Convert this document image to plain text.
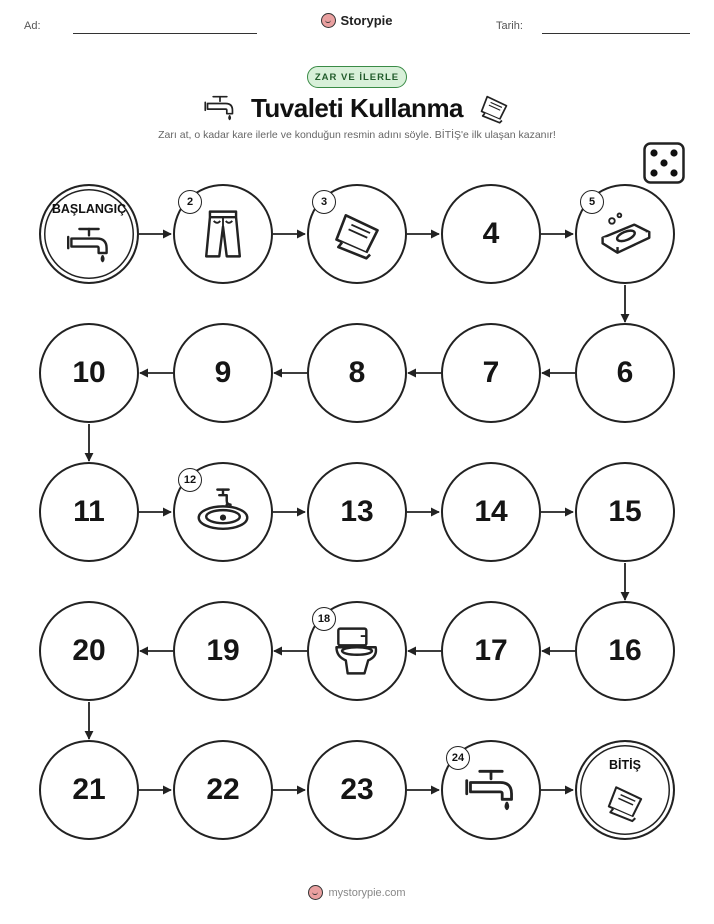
Ad:	Storypie	Tarih:
ZAR VE İLERLE
Tuvaleti Kullanma
Zarı at, o kadar kare ilerle ve konduğun resmin adını söyle. BİTİŞ'e ilk ulaşan kazanır!
BAŞLANGIÇ	2	3
4
5
10	9	8	7	6
11
12
13	14	15
20	19
18
17	16
21	22	23
24	BİTİŞ
mystorypie.com
